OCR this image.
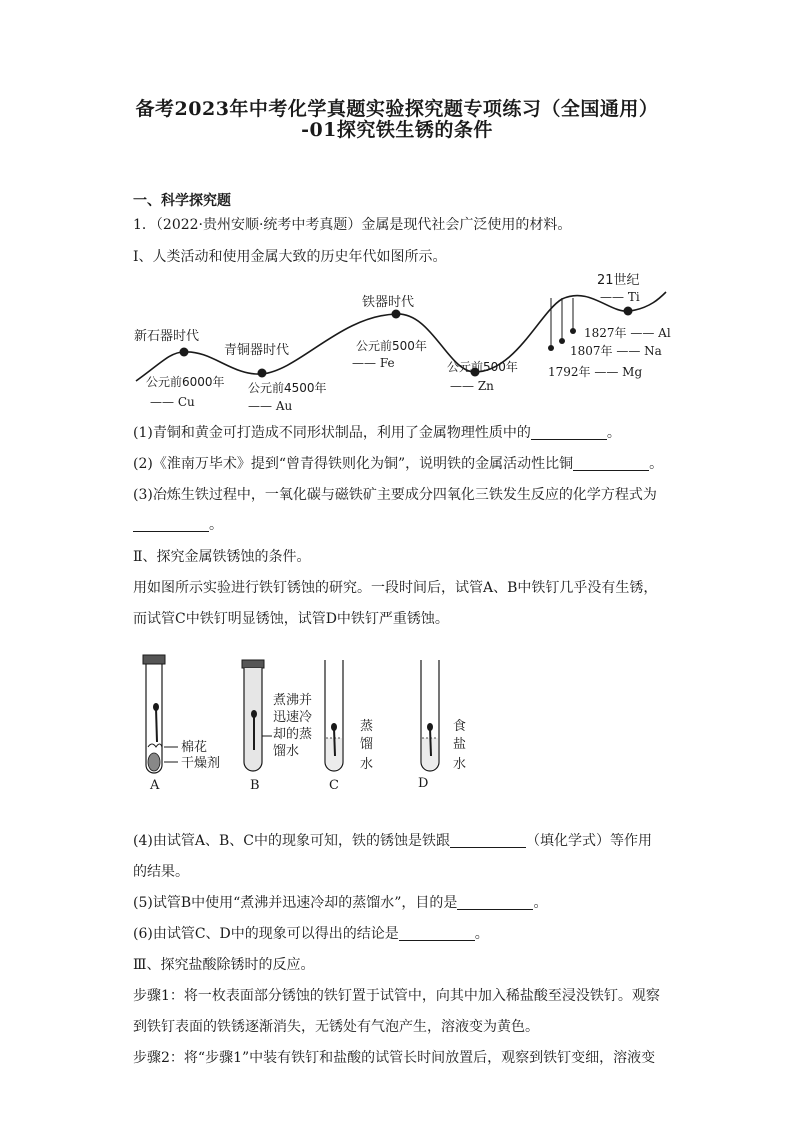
备考2023年中考化学真题实验探究题专项练习（全国通用）
-01探究铁生锈的条件
一、科学探究题
1．（2022·贵州安顺·统考中考真题）金属是现代社会广泛使用的材料。
Ⅰ、人类活动和使用金属大致的历史年代如图所示。
新石器时代
青铜器时代
铁器时代
21世纪
—— Ti
公元前6000年
—— Cu
公元前4500年
—— Au
公元前500年
—— Fe	公元前500年
—— Zn
1827年 —— Al
1807年 —— Na
1792年 —— Mg
(1)青铜和黄金可打造成不同形状制品，利用了金属物理性质中的	。
(2)《淮南万毕术》提到“曾青得铁则化为铜”，说明铁的金属活动性比铜	。
(3)冶炼生铁过程中，一氧化碳与磁铁矿主要成分四氧化三铁发生反应的化学方程式为
。
Ⅱ、探究金属铁锈蚀的条件。
用如图所示实验进行铁钉锈蚀的研究。一段时间后，试管A、B中铁钉几乎没有生锈，
而试管C中铁钉明显锈蚀，试管D中铁钉严重锈蚀。
棉花
干燥剂
煮沸并
迅速冷
却的蒸
馏水
蒸
馏
水
食
盐
水
A	B	C	D
(4)由试管A、B、C中的现象可知，铁的锈蚀是铁跟	（填化学式）等作用
的结果。
(5)试管B中使用“煮沸并迅速冷却的蒸馏水”，目的是	。
(6)由试管C、D中的现象可以得出的结论是	。
Ⅲ、探究盐酸除锈时的反应。
步骤1：将一枚表面部分锈蚀的铁钉置于试管中，向其中加入稀盐酸至浸没铁钉。观察
到铁钉表面的铁锈逐渐消失，无锈处有气泡产生，溶液变为黄色。
步骤2：将“步骤1”中装有铁钉和盐酸的试管长时间放置后，观察到铁钉变细，溶液变
